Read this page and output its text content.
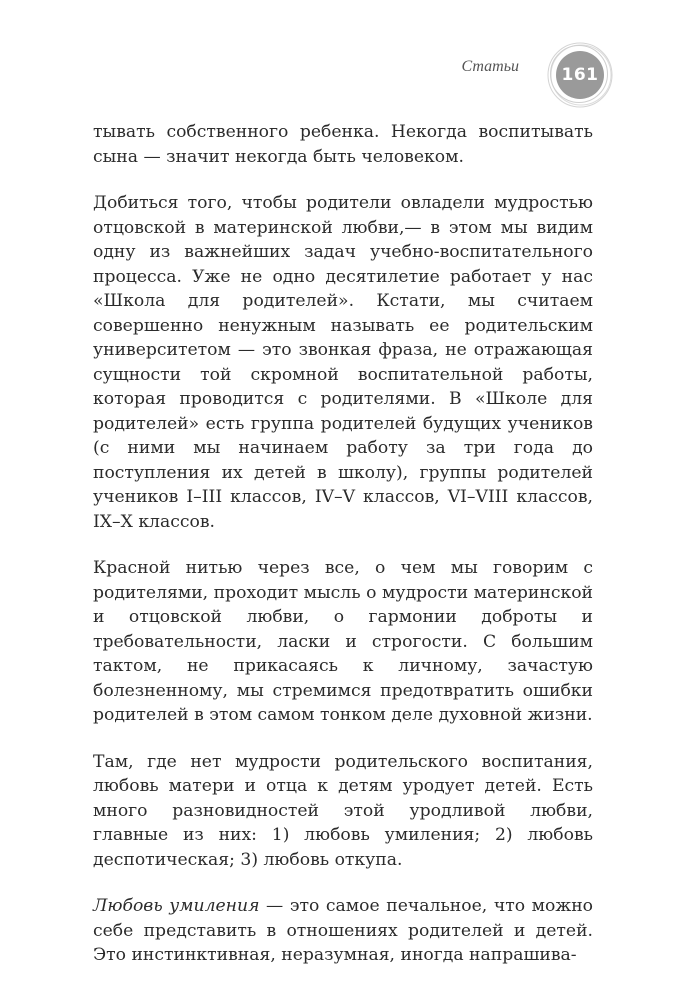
Статьи	161

тывать собственного ребенка. Некогда воспитывать сына — значит некогда быть человеком.

Добиться того, чтобы родители овладели мудростью отцовской в материнской любви,— в этом мы видим одну из важнейших задач учебно-воспитательного процесса. Уже не одно десятилетие работает у нас «Школа для родителей». Кстати, мы считаем совершенно ненужным называть ее родительским университетом — это звонкая фраза, не отражающая сущности той скромной воспитательной работы, которая проводится с родителями. В «Школе для родителей» есть группа родителей будущих учеников (с ними мы начинаем работу за три года до поступления их детей в школу), группы родителей учеников I–III классов, IV–V классов, VI–VIII классов, IX–X классов.

Красной нитью через все, о чем мы говорим с родителями, проходит мысль о мудрости материнской и отцовской любви, о гармонии доброты и требовательности, ласки и строгости. С большим тактом, не прикасаясь к личному, зачастую болезненному, мы стремимся предотвратить ошибки родителей в этом самом тонком деле духовной жизни.

Там, где нет мудрости родительского воспитания, любовь матери и отца к детям уродует детей. Есть много разновидностей этой уродливой любви, главные из них: 1) любовь умиления; 2) любовь деспотическая; 3) любовь откупа.

Любовь умиления — это самое печальное, что можно себе представить в отношениях родителей и детей. Это инстинктивная, неразумная, иногда напрашива-
